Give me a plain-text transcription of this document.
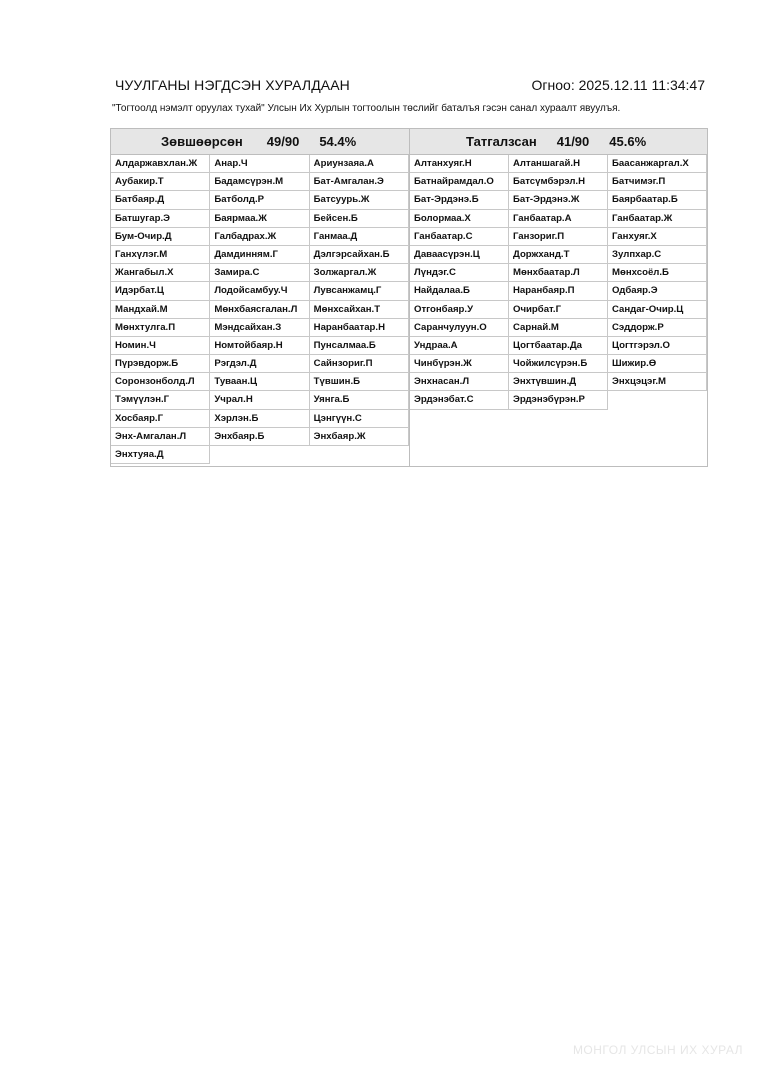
ЧУУЛГАНЫ НЭГДСЭН ХУРАЛДААН	Огноо: 2025.12.11 11:34:47
"Тогтоолд нэмэлт оруулах тухай" Улсын Их Хурлын тогтоолын төслийг баталъя гэсэн санал хураалт явуулъя.
Зөвшөөрсөн 49/90 54.4%
Алдаржавхлан.Ж	Анар.Ч	Ариунзаяа.А
Аубакир.Т	Бадамсүрэн.М	Бат-Амгалан.Э
Батбаяр.Д	Батболд.Р	Батсуурь.Ж
Батшугар.Э	Баярмаа.Ж	Бейсен.Б
Бум-Очир.Д	Галбадрах.Ж	Ганмаа.Д
Ганхүлэг.М	Дамдинням.Г	Дэлгэрсайхан.Б
Жангабыл.Х	Замира.С	Золжаргал.Ж
Идэрбат.Ц	Лодойсамбуу.Ч	Лувсанжамц.Г
Мандхай.М	Мөнхбаясгалан.Л	Мөнхсайхан.Т
Мөнхтулга.П	Мэндсайхан.З	Наранбаатар.Н
Номин.Ч	Номтойбаяр.Н	Пунсалмаа.Б
Пүрэвдорж.Б	Рэгдэл.Д	Сайнзориг.П
Соронзонболд.Л	Туваан.Ц	Түвшин.Б
Тэмүүлэн.Г	Учрал.Н	Уянга.Б
Хосбаяр.Г	Хэрлэн.Б	Цэнгүүн.С
Энх-Амгалан.Л	Энхбаяр.Б	Энхбаяр.Ж
Энхтуяа.Д
Татгалзсан 41/90 45.6%
Алтанхуяг.Н	Алтаншагай.Н	Баасанжаргал.Х
Батнайрамдал.О	Батсүмбэрэл.Н	Батчимэг.П
Бат-Эрдэнэ.Б	Бат-Эрдэнэ.Ж	Баярбаатар.Б
Болормаа.Х	Ганбаатар.А	Ганбаатар.Ж
Ганбаатар.С	Ганзориг.П	Ганхуяг.Х
Даваасүрэн.Ц	Доржханд.Т	Зулпхар.С
Лүндэг.С	Мөнхбаатар.Л	Мөнхсоёл.Б
Найдалаа.Б	Наранбаяр.П	Одбаяр.Э
Отгонбаяр.У	Очирбат.Г	Сандаг-Очир.Ц
Саранчулуун.О	Сарнай.М	Сэддорж.Р
Ундраа.А	Цогтбаатар.Да	Цогтгэрэл.О
Чинбүрэн.Ж	Чойжилсүрэн.Б	Шижир.Ө
Энхнасан.Л	Энхтүвшин.Д	Энхцэцэг.М
Эрдэнэбат.С	Эрдэнэбүрэн.Р
МОНГОЛ УЛСЫН ИХ ХУРАЛ
